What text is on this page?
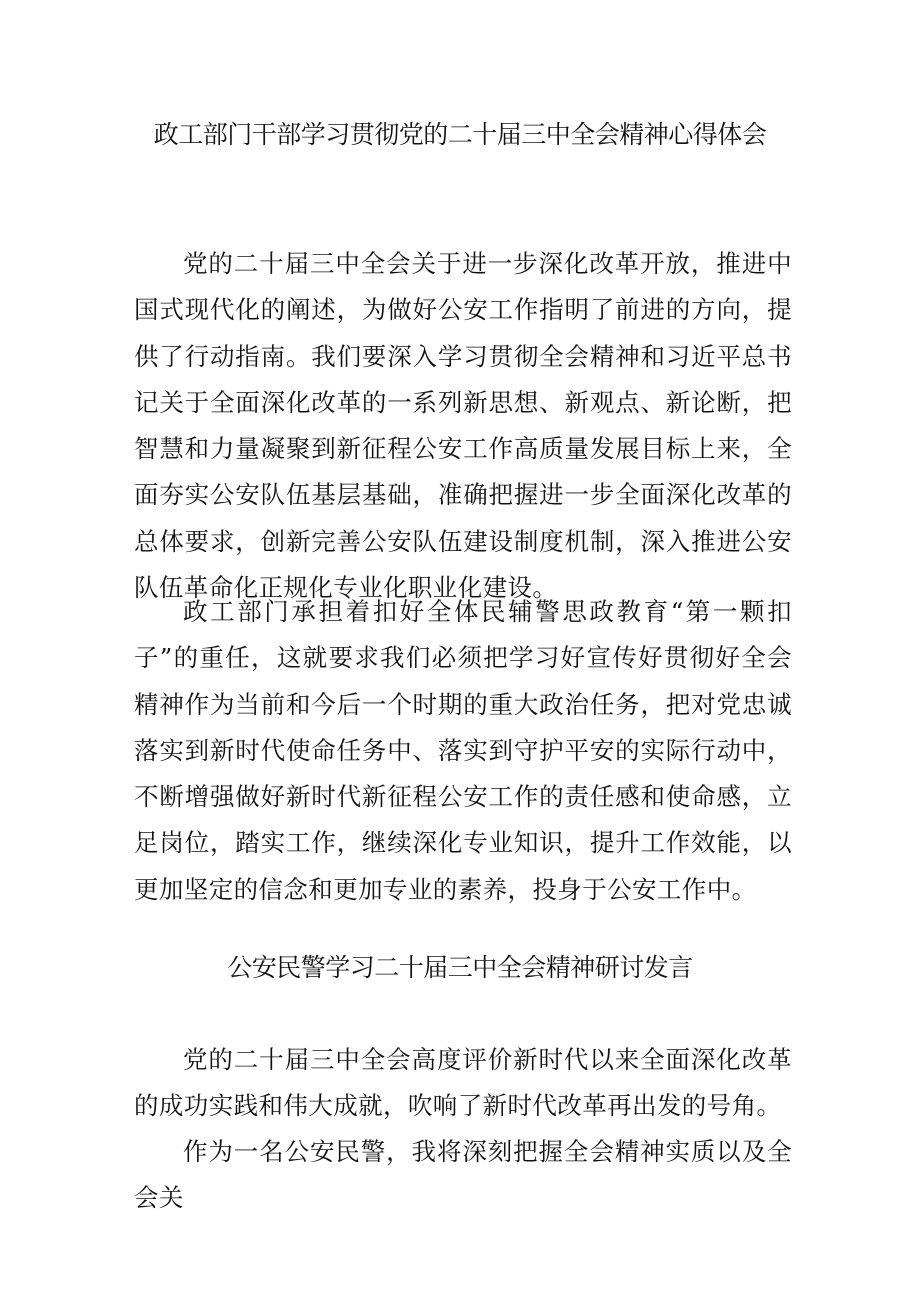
政工部门干部学习贯彻党的二十届三中全会精神心得体会

党的二十届三中全会关于进一步深化改革开放，推进中国式现代化的阐述，为做好公安工作指明了前进的方向，提供了行动指南。我们要深入学习贯彻全会精神和习近平总书记关于全面深化改革的一系列新思想、新观点、新论断，把智慧和力量凝聚到新征程公安工作高质量发展目标上来，全面夯实公安队伍基层基础，准确把握进一步全面深化改革的总体要求，创新完善公安队伍建设制度机制，深入推进公安队伍革命化正规化专业化职业化建设。

政工部门承担着扣好全体民辅警思政教育“第一颗扣子”的重任，这就要求我们必须把学习好宣传好贯彻好全会精神作为当前和今后一个时期的重大政治任务，把对党忠诚落实到新时代使命任务中、落实到守护平安的实际行动中，不断增强做好新时代新征程公安工作的责任感和使命感，立足岗位，踏实工作，继续深化专业知识，提升工作效能，以更加坚定的信念和更加专业的素养，投身于公安工作中。

公安民警学习二十届三中全会精神研讨发言

党的二十届三中全会高度评价新时代以来全面深化改革的成功实践和伟大成就，吹响了新时代改革再出发的号角。

作为一名公安民警，我将深刻把握全会精神实质以及全会关
